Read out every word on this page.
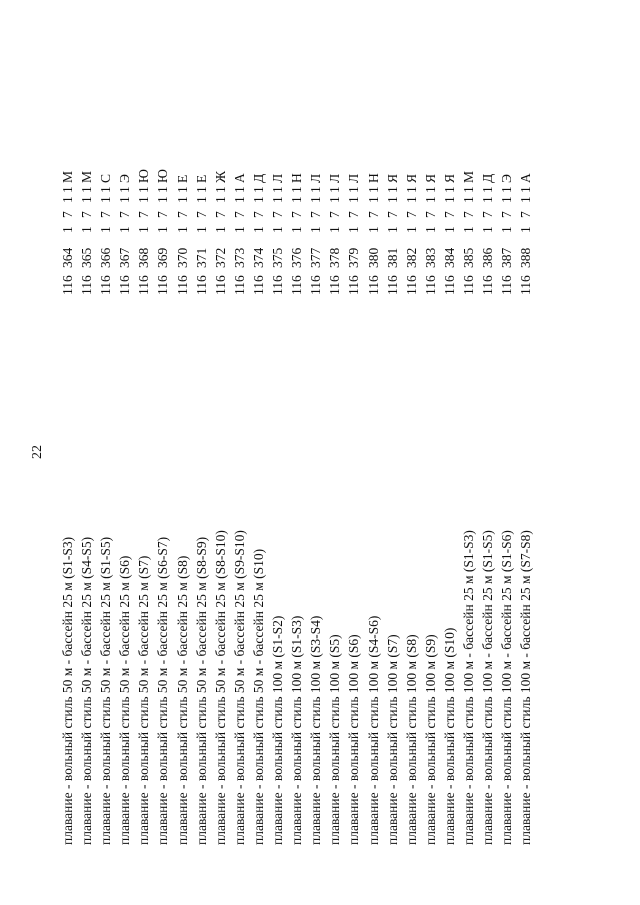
22
плавание - вольный стиль 50 м - бассейн 25 м (S1-S3) плавание - вольный стиль 50 м - бассейн 25 м (S4-S5) плавание - вольный стиль 50 м - бассейн 25 м (S1-S5) плавание - вольный стиль 50 м - бассейн 25 м (S6) плавание - вольный стиль 50 м - бассейн 25 м (S7) плавание - вольный стиль 50 м - бассейн 25 м (S6-S7) плавание - вольный стиль 50 м - бассейн 25 м (S8) плавание - вольный стиль 50 м - бассейн 25 м (S8-S9) плавание - вольный стиль 50 м - бассейн 25 м (S8-S10) плавание - вольный стиль 50 м - бассейн 25 м (S9-S10) плавание - вольный стиль 50 м - бассейн 25 м (S10) плавание - вольный стиль 100 м (S1-S2) плавание - вольный стиль 100 м (S1-S3) плавание - вольный стиль 100 м (S3-S4) плавание - вольный стиль 100 м (S5) плавание - вольный стиль 100 м (S6) плавание - вольный стиль 100 м (S4-S6) плавание - вольный стиль 100 м (S7) плавание - вольный стиль 100 м (S8) плавание - вольный стиль 100 м (S9) плавание - вольный стиль 100 м (S10) плавание - вольный стиль 100 м - бассейн 25 м (S1-S3) плавание - вольный стиль 100 м - бассейн 25 м (S1-S5) плавание - вольный стиль 100 м - бассейн 25 м (S1-S6) плавание - вольный стиль 100 м - бассейн 25 м (S7-S8)
116
364
1
7
1
1
М
116
365
1
7
1
1
М
116
366
1
7
1
1
С
116
367
1
7
1
1
Э
116
368
1
7
1
1
Ю
116
369
1
7
1
1
Ю
116
370
1
7
1
1
Е
116
371
1
7
1
1
Е
116
372
1
7
1
1
Ж
116
373
1
7
1
1
А
116
374
1
7
1
1
Д
116
375
1
7
1
1
Л
116
376
1
7
1
1
Н
116
377
1
7
1
1
Л
116
378
1
7
1
1
Л
116
379
1
7
1
1
Л
116
380
1
7
1
1
Н
116
381
1
7
1
1
Я
116
382
1
7
1
1
Я
116
383
1
7
1
1
Я
116
384
1
7
1
1
Я
116
385
1
7
1
1
М
116
386
1
7
1
1
Д
116
387
1
7
1
1
Э
116
388
1
7
1
1
А
